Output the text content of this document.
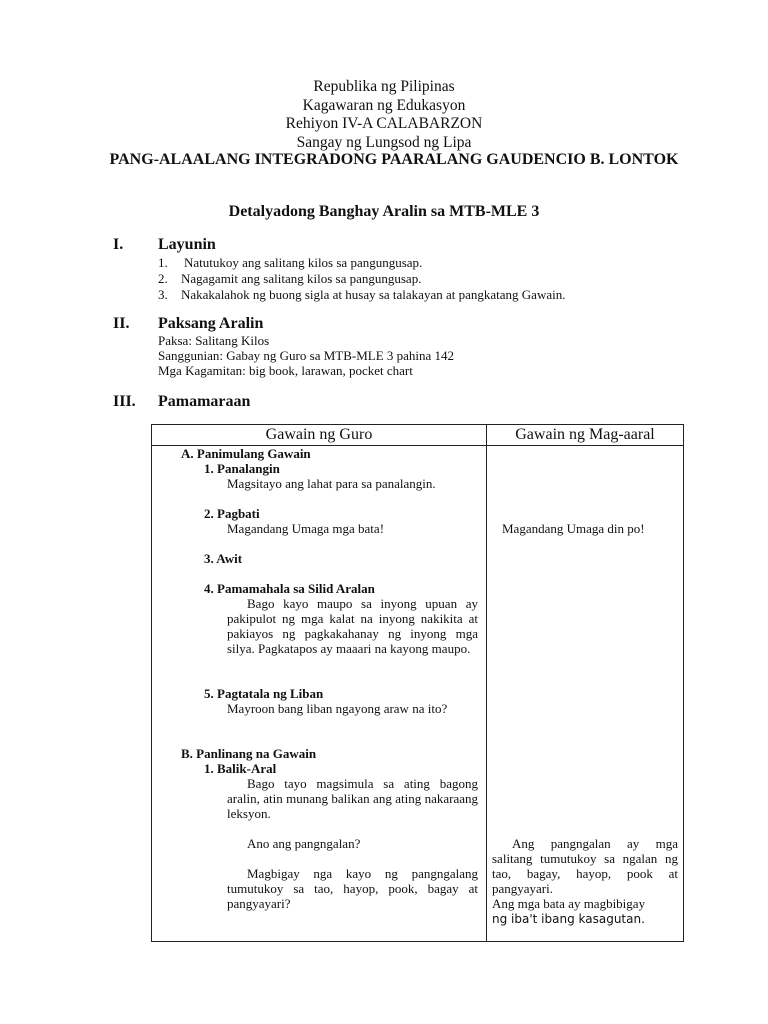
Republika ng Pilipinas
Kagawaran ng Edukasyon
Rehiyon IV-A CALABARZON
Sangay ng Lungsod ng Lipa
PANG-ALAALANG INTEGRADONG PAARALANG GAUDENCIO B. LONTOK
Detalyadong Banghay Aralin sa MTB-MLE 3
I. Layunin
1. Natutukoy ang salitang kilos sa pangungusap.
2. Nagagamit ang salitang kilos sa pangungusap.
3. Nakakalahok ng buong sigla at husay sa talakayan at pangkatang Gawain.
II. Paksang Aralin
Paksa: Salitang Kilos
Sanggunian: Gabay ng Guro sa MTB-MLE 3 pahina 142
Mga Kagamitan: big book, larawan, pocket chart
III. Pamamaraan
Gawain ng Guro	Gawain ng Mag-aaral
A. Panimulang Gawain
1. Panalangin
Magsitayo ang lahat para sa panalangin.
2. Pagbati
Magandang Umaga mga bata!
3. Awit
4. Pamamahala sa Silid Aralan
Bago kayo maupo sa inyong upuan ay pakipulot ng mga kalat na inyong nakikita at pakiayos ng pagkakahanay ng inyong mga silya. Pagkatapos ay maaari na kayong maupo.
5. Pagtatala ng Liban
Mayroon bang liban ngayong araw na ito?
B. Panlinang na Gawain
1. Balik-Aral
Bago tayo magsimula sa ating bagong aralin, atin munang balikan ang ating nakaraang leksyon.
Ano ang pangngalan?
Magbigay nga kayo ng pangngalang tumutukoy sa tao, hayop, pook, bagay at pangyayari?
Magandang Umaga din po!
Ang pangngalan ay mga salitang tumutukoy sa ngalan ng tao, bagay, hayop, pook at pangyayari.
Ang mga bata ay magbibigay
ng iba't ibang kasagutan.
